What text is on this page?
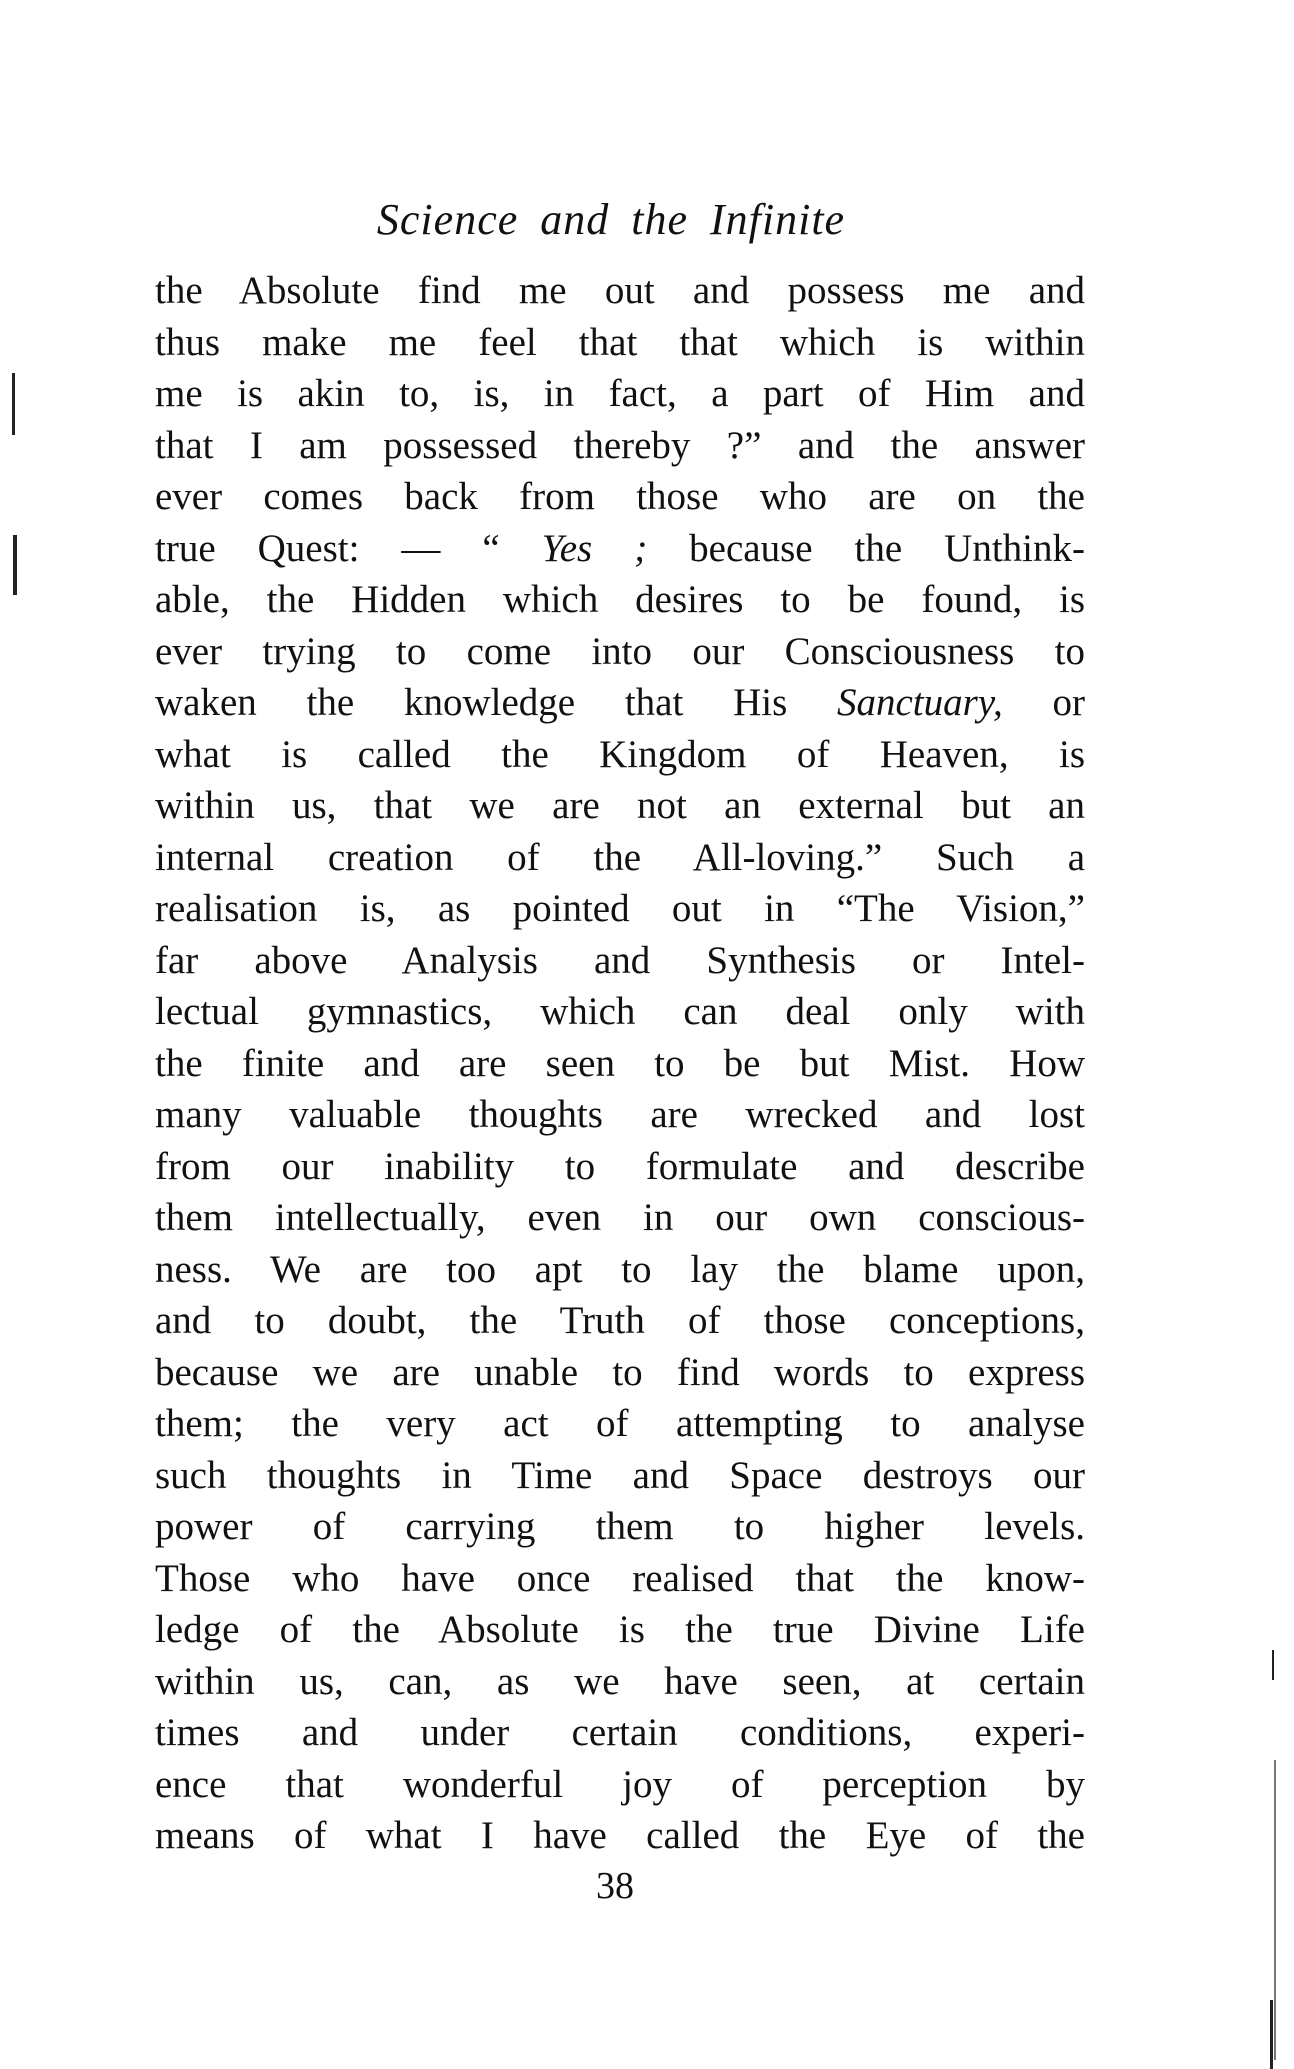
Science and the Infinite
the Absolute find me out and possess me and
thus make me feel that that which is within
me is akin to, is, in fact, a part of Him and
that I am possessed thereby ?” and the answer
ever comes back from those who are on the
true Quest: — “ Yes ; because the Unthink-
able, the Hidden which desires to be found, is
ever trying to come into our Consciousness to
waken the knowledge that His Sanctuary, or
what is called the Kingdom of Heaven, is
within us, that we are not an external but an
internal creation of the All-loving.” Such a
realisation is, as pointed out in “The Vision,”
far above Analysis and Synthesis or Intel-
lectual gymnastics, which can deal only with
the finite and are seen to be but Mist. How
many valuable thoughts are wrecked and lost
from our inability to formulate and describe
them intellectually, even in our own conscious-
ness. We are too apt to lay the blame upon,
and to doubt, the Truth of those conceptions,
because we are unable to find words to express
them; the very act of attempting to analyse
such thoughts in Time and Space destroys our
power of carrying them to higher levels.
Those who have once realised that the know-
ledge of the Absolute is the true Divine Life
within us, can, as we have seen, at certain
times and under certain conditions, experi-
ence that wonderful joy of perception by
means of what I have called the Eye of the
38
